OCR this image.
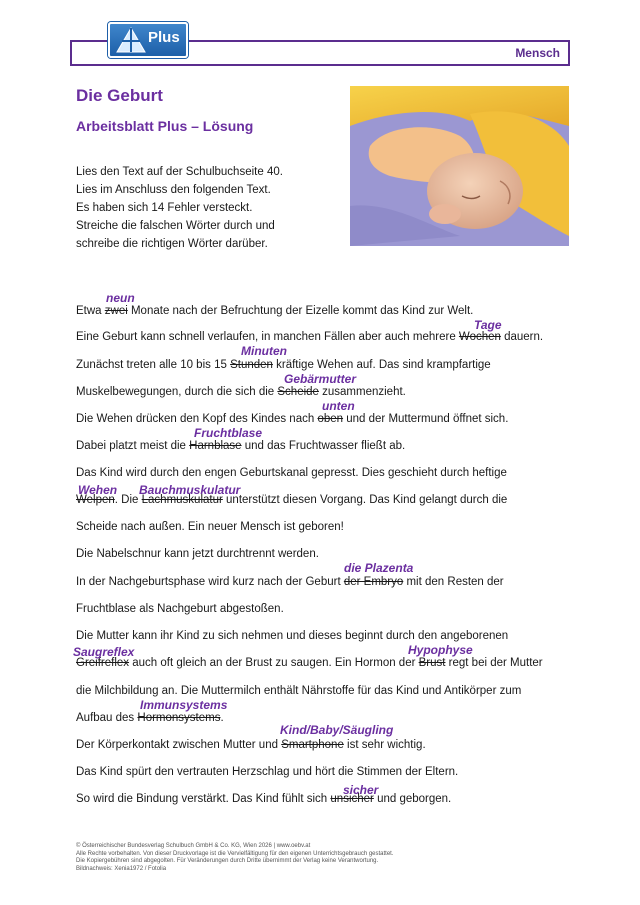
Mensch
Plus
Die Geburt
Arbeitsblatt Plus – Lösung
Lies den Text auf der Schulbuchseite 40.
Lies im Anschluss den folgenden Text.
Es haben sich 14 Fehler versteckt.
Streiche die falschen Wörter durch und
schreibe die richtigen Wörter darüber.
Etwa zwei Monate nach der Befruchtung der Eizelle kommt das Kind zur Welt.
Eine Geburt kann schnell verlaufen, in manchen Fällen aber auch mehrere Wochen dauern.
Zunächst treten alle 10 bis 15 Stunden kräftige Wehen auf. Das sind krampfartige
Muskelbewegungen, durch die sich die Scheide zusammenzieht.
Die Wehen drücken den Kopf des Kindes nach oben und der Muttermund öffnet sich.
Dabei platzt meist die Harnblase und das Fruchtwasser fließt ab.
Das Kind wird durch den engen Geburtskanal gepresst. Dies geschieht durch heftige
Welpen. Die Lachmuskulatur unterstützt diesen Vorgang. Das Kind gelangt durch die
Scheide nach außen. Ein neuer Mensch ist geboren!
Die Nabelschnur kann jetzt durchtrennt werden.
In der Nachgeburtsphase wird kurz nach der Geburt der Embryo mit den Resten der
Fruchtblase als Nachgeburt abgestoßen.
Die Mutter kann ihr Kind zu sich nehmen und dieses beginnt durch den angeborenen
Greifreflex auch oft gleich an der Brust zu saugen. Ein Hormon der Brust regt bei der Mutter
die Milchbildung an. Die Muttermilch enthält Nährstoffe für das Kind und Antikörper zum
Aufbau des Hormonsystems.
Der Körperkontakt zwischen Mutter und Smartphone ist sehr wichtig.
Das Kind spürt den vertrauten Herzschlag und hört die Stimmen der Eltern.
So wird die Bindung verstärkt. Das Kind fühlt sich unsicher und geborgen.
neun
Tage
Minuten
Gebärmutter
unten
Fruchtblase
Wehen Bauchmuskulatur
die Plazenta
Saugreflex	Hypophyse
Immunsystems
Kind/Baby/Säugling
sicher
© Österreichischer Bundesverlag Schulbuch GmbH & Co. KG, Wien 2026 | www.oebv.at
Alle Rechte vorbehalten. Von dieser Druckvorlage ist die Vervielfältigung für den eigenen Unterrichtsgebrauch gestattet.
Die Kopiergebühren sind abgegolten. Für Veränderungen durch Dritte übernimmt der Verlag keine Verantwortung.
Bildnachweis: Xenia1972 / Fotolia
